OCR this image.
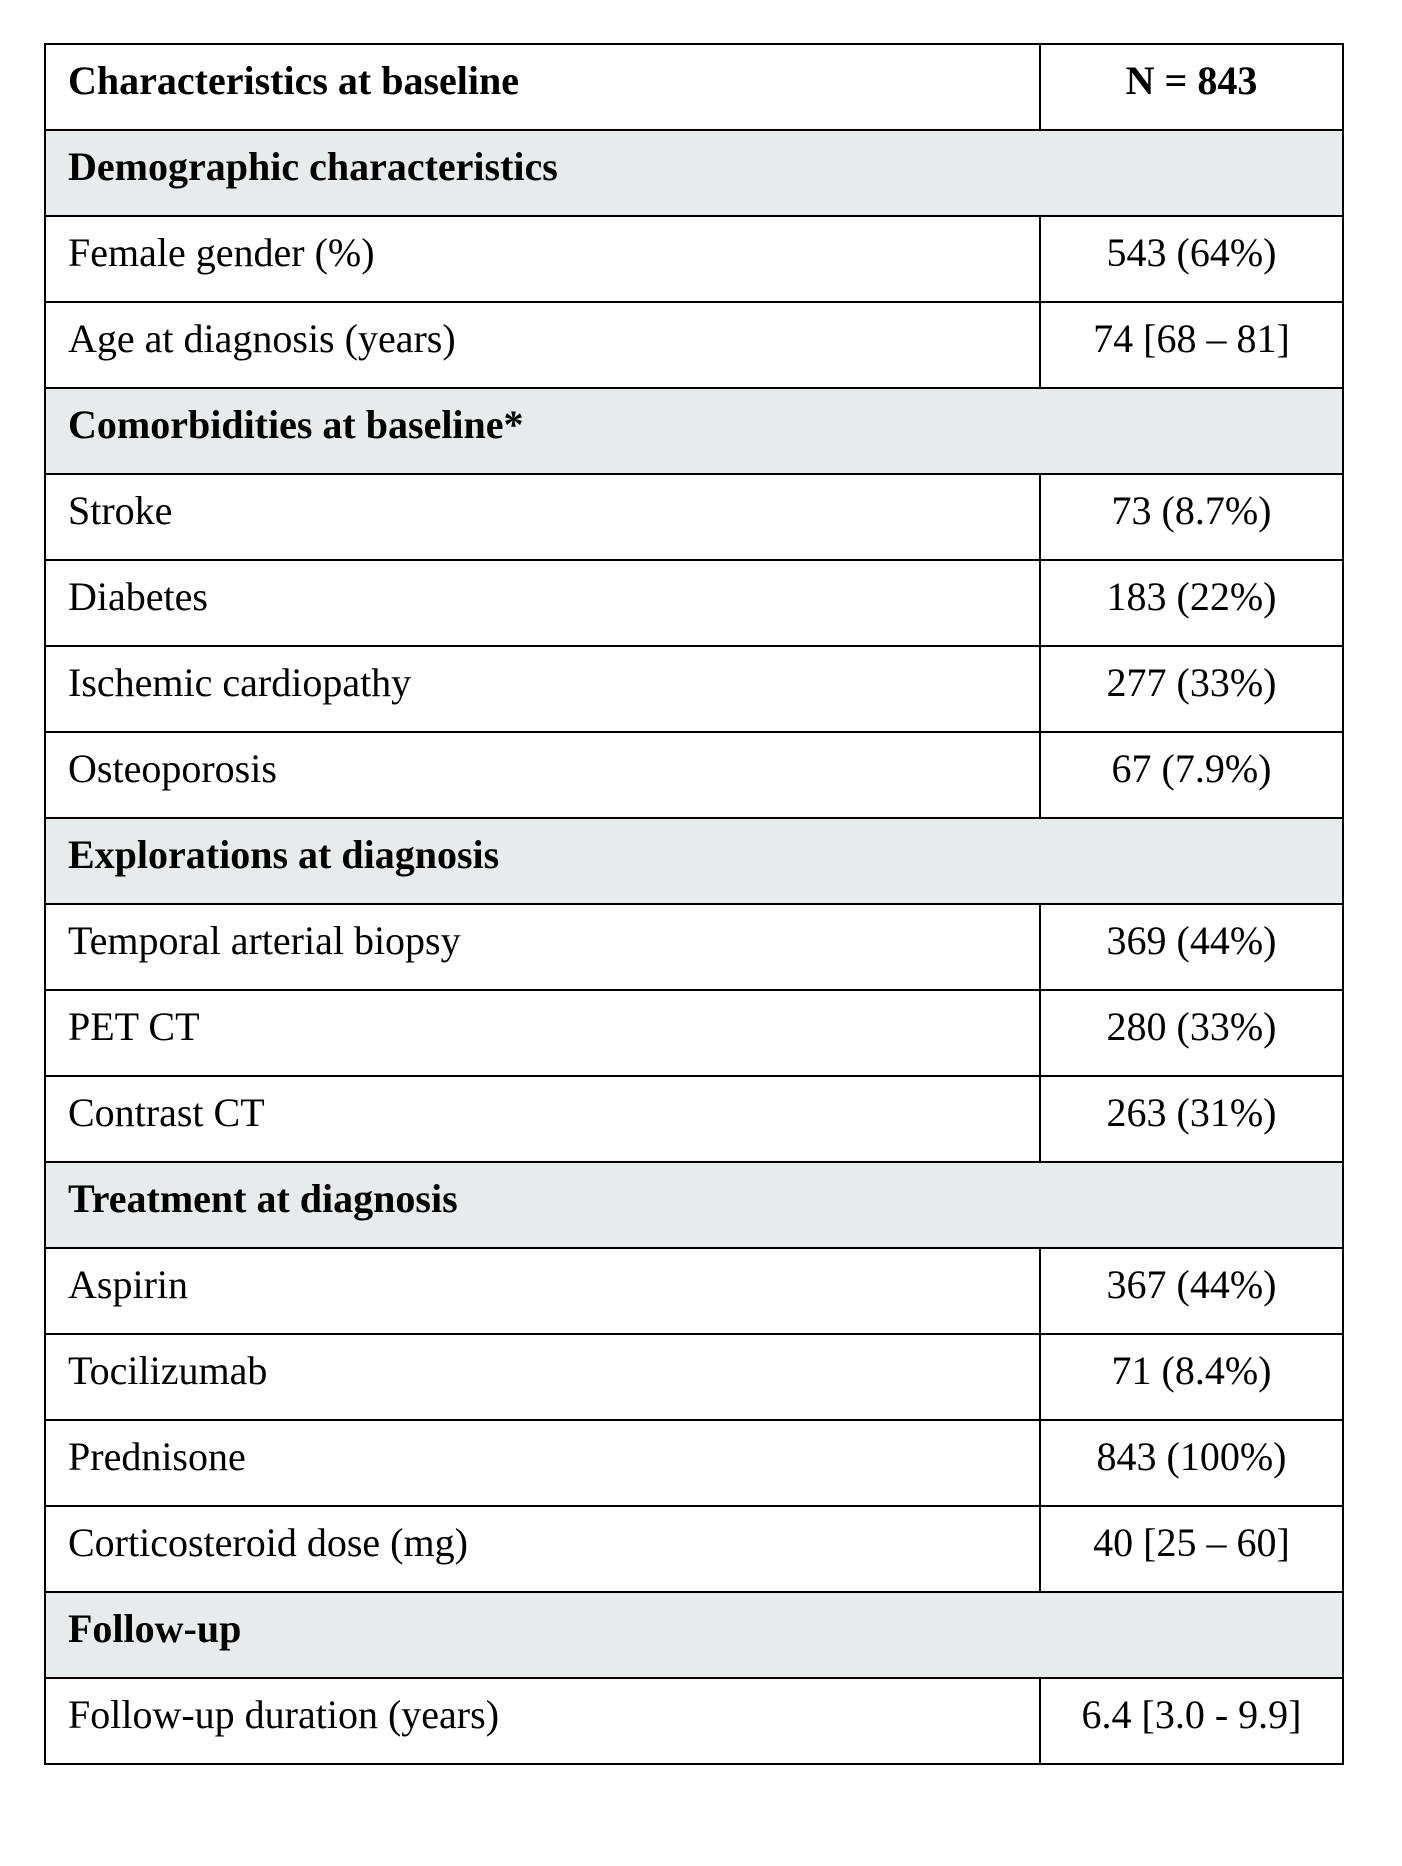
Characteristics at baseline	N = 843

Demographic characteristics	

Female gender (%)	543 (64%)

Age at diagnosis (years)	74 [68 – 81]

Comorbidities at baseline*	

Stroke	73 (8.7%)

Diabetes	183 (22%)

Ischemic cardiopathy	277 (33%)

Osteoporosis	67 (7.9%)

Explorations at diagnosis	

Temporal arterial biopsy	369 (44%)

PET CT	280 (33%)

Contrast CT	263 (31%)

Treatment at diagnosis	

Aspirin	367 (44%)

Tocilizumab	71 (8.4%)

Prednisone	843 (100%)

Corticosteroid dose (mg)	40 [25 – 60]

Follow-up	

Follow-up duration (years)	6.4 [3.0 - 9.9]
